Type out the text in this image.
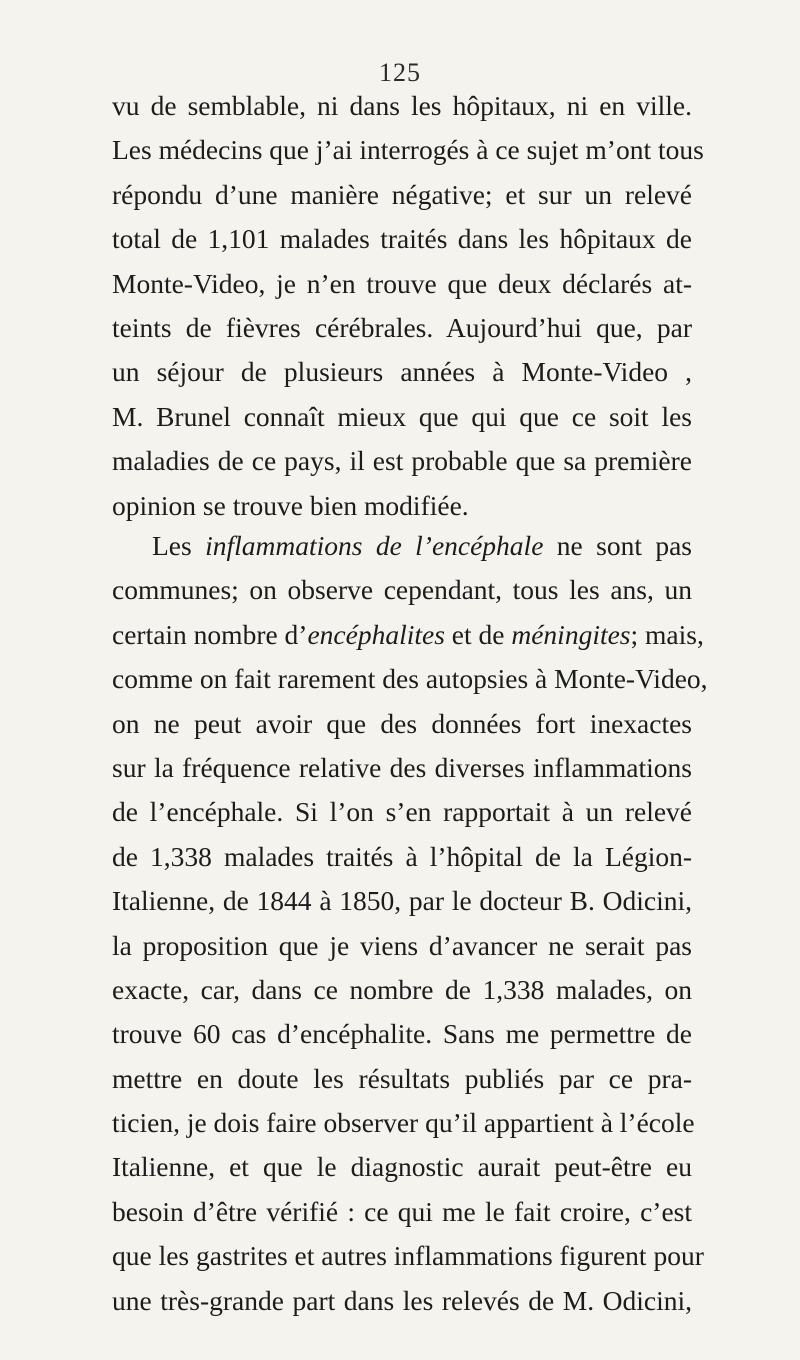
125
vu de semblable, ni dans les hôpitaux, ni en ville.
Les médecins que j’ai interrogés à ce sujet m’ont tous
répondu d’une manière négative; et sur un relevé
total de 1,101 malades traités dans les hôpitaux de
Monte-Video, je n’en trouve que deux déclarés at-
teints de fièvres cérébrales. Aujourd’hui que, par
un séjour de plusieurs années à Monte-Video ,
M. Brunel connaît mieux que qui que ce soit les
maladies de ce pays, il est probable que sa première
opinion se trouve bien modifiée.
Les inflammations de l’encéphale ne sont pas
communes; on observe cependant, tous les ans, un
certain nombre d’encéphalites et de méningites; mais,
comme on fait rarement des autopsies à Monte-Video,
on ne peut avoir que des données fort inexactes
sur la fréquence relative des diverses inflammations
de l’encéphale. Si l’on s’en rapportait à un relevé
de 1,338 malades traités à l’hôpital de la Légion-
Italienne, de 1844 à 1850, par le docteur B. Odicini,
la proposition que je viens d’avancer ne serait pas
exacte, car, dans ce nombre de 1,338 malades, on
trouve 60 cas d’encéphalite. Sans me permettre de
mettre en doute les résultats publiés par ce pra-
ticien, je dois faire observer qu’il appartient à l’école
Italienne, et que le diagnostic aurait peut-être eu
besoin d’être vérifié : ce qui me le fait croire, c’est
que les gastrites et autres inflammations figurent pour
une très-grande part dans les relevés de M. Odicini,
